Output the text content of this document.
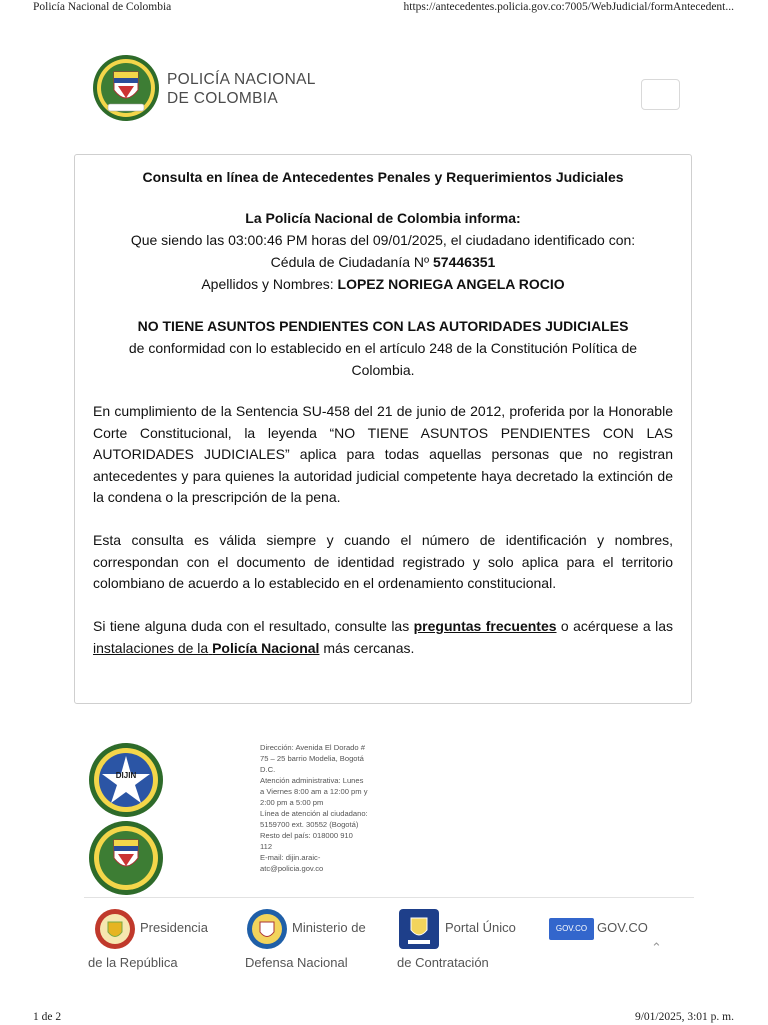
Policía Nacional de Colombia	https://antecedentes.policia.gov.co:7005/WebJudicial/formAntecedent...
POLICÍA NACIONAL
DE COLOMBIA
Consulta en línea de Antecedentes Penales y Requerimientos Judiciales
La Policía Nacional de Colombia informa:
Que siendo las 03:00:46 PM horas del 09/01/2025, el ciudadano identificado con:
Cédula de Ciudadanía Nº 57446351
Apellidos y Nombres: LOPEZ NORIEGA ANGELA ROCIO
NO TIENE ASUNTOS PENDIENTES CON LAS AUTORIDADES JUDICIALES
de conformidad con lo establecido en el artículo 248 de la Constitución Política de
Colombia.
En cumplimiento de la Sentencia SU-458 del 21 de junio de 2012, proferida por la Honorable Corte Constitucional, la leyenda “NO TIENE ASUNTOS PENDIENTES CON LAS AUTORIDADES JUDICIALES” aplica para todas aquellas personas que no registran antecedentes y para quienes la autoridad judicial competente haya decretado la extinción de la condena o la prescripción de la pena.
Esta consulta es válida siempre y cuando el número de identificación y nombres, correspondan con el documento de identidad registrado y solo aplica para el territorio colombiano de acuerdo a lo establecido en el ordenamiento constitucional.
Si tiene alguna duda con el resultado, consulte las preguntas frecuentes o acérquese a las instalaciones de la Policía Nacional más cercanas.
DIJIN
Dirección: Avenida El Dorado #
75 – 25 barrio Modelia, Bogotá
D.C.
Atención administrativa: Lunes
a Viernes 8:00 am a 12:00 pm y
2:00 pm a 5:00 pm
Línea de atención al ciudadano:
5159700 ext. 30552 (Bogotá)
Resto del país: 018000 910
112
E-mail: dijin.araic-
atc@policia.gov.co
Presidencia
de la República
Ministerio de
Defensa Nacional
Portal Único
de Contratación
GOV.CO GOV.CO
⌃
1 de 2	9/01/2025, 3:01 p. m.
